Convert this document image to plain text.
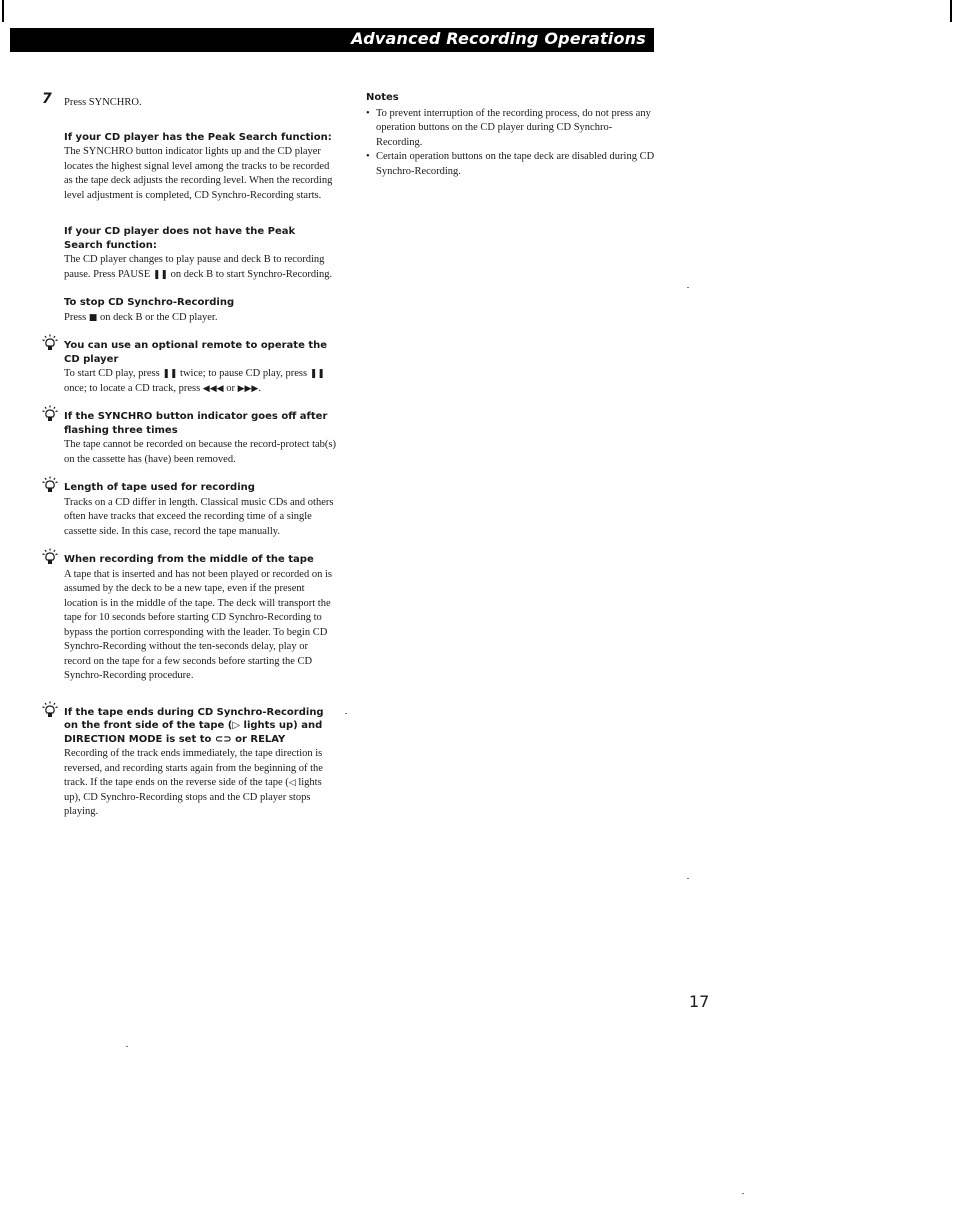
Advanced Recording Operations
7 Press SYNCHRO.
If your CD player has the Peak Search function:
The SYNCHRO button indicator lights up and the CD player locates the highest signal level among the tracks to be recorded as the tape deck adjusts the recording level. When the recording level adjustment is completed, CD Synchro-Recording starts.
If your CD player does not have the Peak Search function:
The CD player changes to play pause and deck B to recording pause. Press PAUSE ❚❚ on deck B to start Synchro-Recording.
To stop CD Synchro-Recording
Press ■ on deck B or the CD player.
You can use an optional remote to operate the CD player
To start CD play, press ❚❚ twice; to pause CD play, press ❚❚ once; to locate a CD track, press ◀◀◀ or ▶▶▶.
If the SYNCHRO button indicator goes off after flashing three times
The tape cannot be recorded on because the record-protect tab(s) on the cassette has (have) been removed.
Length of tape used for recording
Tracks on a CD differ in length. Classical music CDs and others often have tracks that exceed the recording time of a single cassette side. In this case, record the tape manually.
When recording from the middle of the tape
A tape that is inserted and has not been played or recorded on is assumed by the deck to be a new tape, even if the present location is in the middle of the tape. The deck will transport the tape for 10 seconds before starting CD Synchro-Recording to bypass the portion corresponding with the leader. To begin CD Synchro-Recording without the ten-seconds delay, play or record on the tape for a few seconds before starting the CD Synchro-Recording procedure.
If the tape ends during CD Synchro-Recording on the front side of the tape (▷ lights up) and DIRECTION MODE is set to ⊂⊃ or RELAY
Recording of the track ends immediately, the tape direction is reversed, and recording starts again from the beginning of the track. If the tape ends on the reverse side of the tape (◁ lights up), CD Synchro-Recording stops and the CD player stops playing.
Notes
• To prevent interruption of the recording process, do not press any operation buttons on the CD player during CD Synchro-Recording.
• Certain operation buttons on the tape deck are disabled during CD Synchro-Recording.
17
